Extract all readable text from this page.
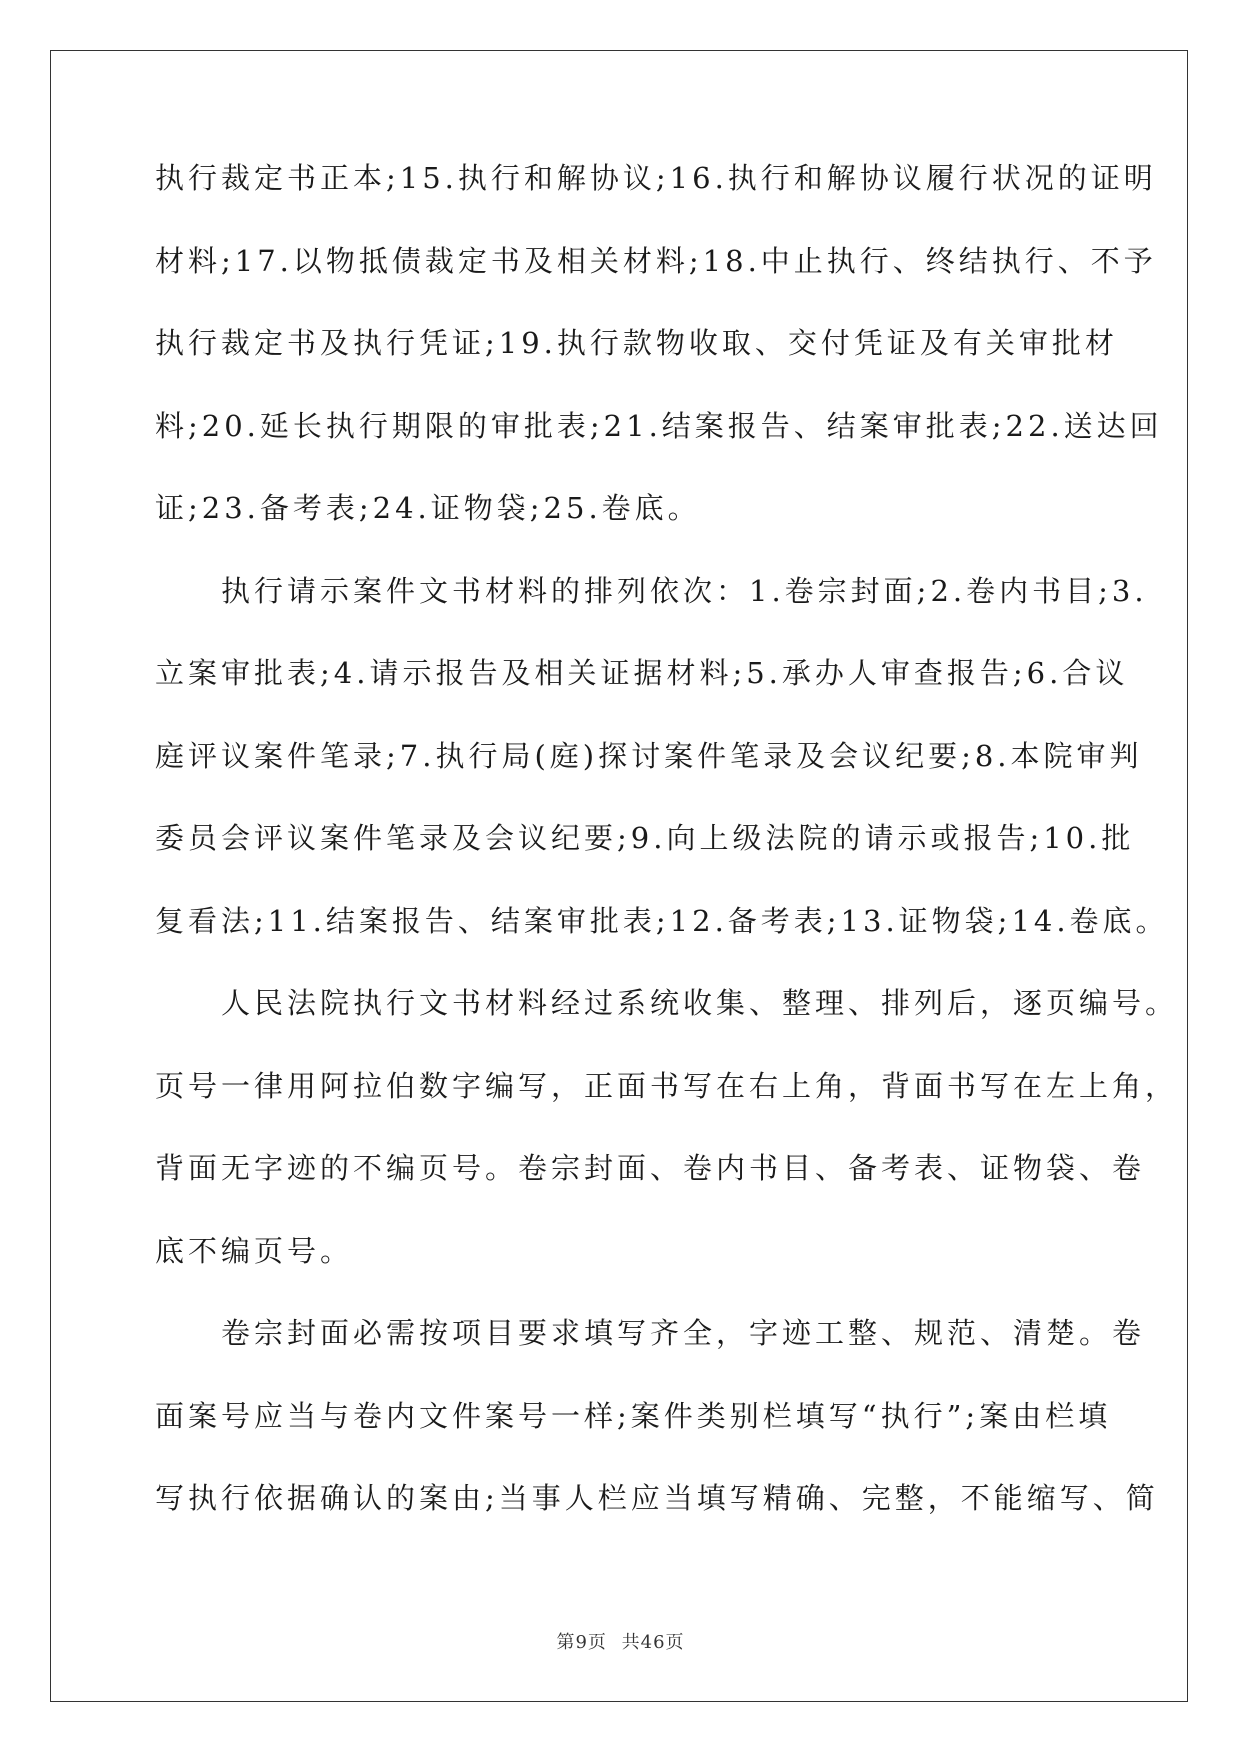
执行裁定书正本;15.执行和解协议;16.执行和解协议履行状况的证明
材料;17.以物抵债裁定书及相关材料;18.中止执行、终结执行、不予
执行裁定书及执行凭证;19.执行款物收取、交付凭证及有关审批材
料;20.延长执行期限的审批表;21.结案报告、结案审批表;22.送达回
证;23.备考表;24.证物袋;25.卷底。
　　执行请示案件文书材料的排列依次：1.卷宗封面;2.卷内书目;3.
立案审批表;4.请示报告及相关证据材料;5.承办人审查报告;6.合议
庭评议案件笔录;7.执行局(庭)探讨案件笔录及会议纪要;8.本院审判
委员会评议案件笔录及会议纪要;9.向上级法院的请示或报告;10.批
复看法;11.结案报告、结案审批表;12.备考表;13.证物袋;14.卷底。
　　人民法院执行文书材料经过系统收集、整理、排列后，逐页编号。
页号一律用阿拉伯数字编写，正面书写在右上角，背面书写在左上角，
背面无字迹的不编页号。卷宗封面、卷内书目、备考表、证物袋、卷
底不编页号。
　　卷宗封面必需按项目要求填写齐全，字迹工整、规范、清楚。卷
面案号应当与卷内文件案号一样;案件类别栏填写“执行”;案由栏填
写执行依据确认的案由;当事人栏应当填写精确、完整，不能缩写、简
第9页 共46页
